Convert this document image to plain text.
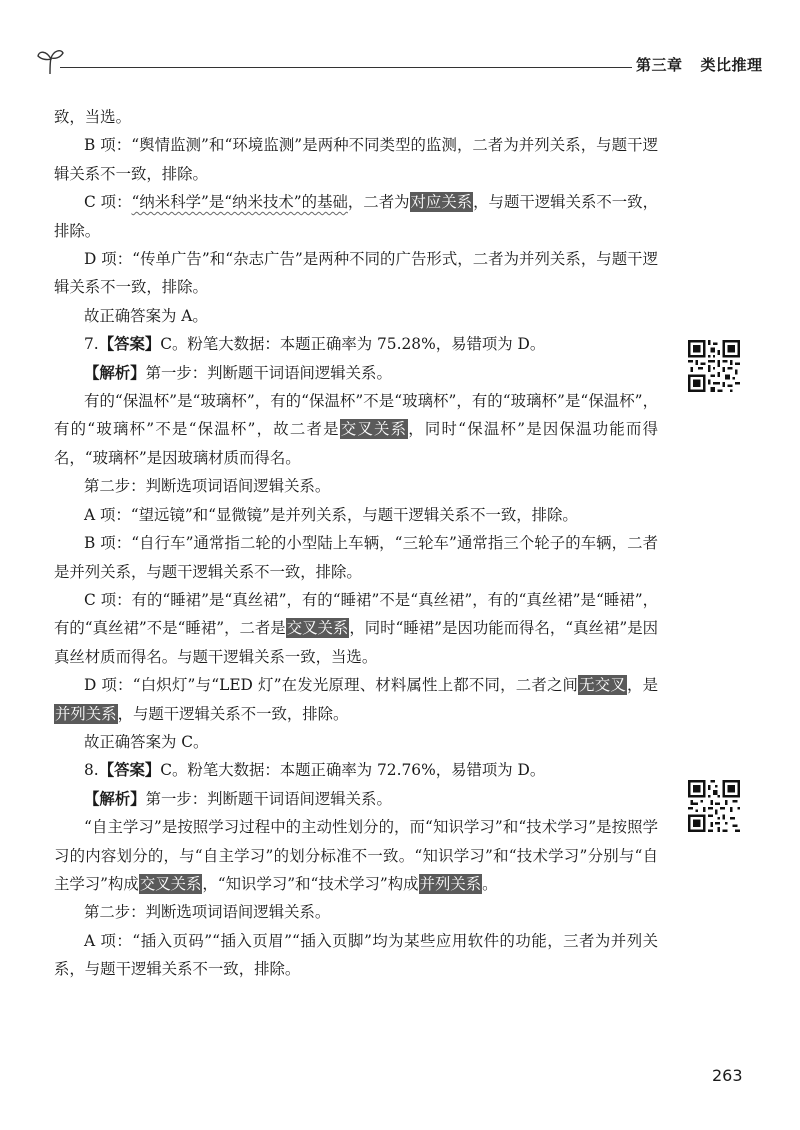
第三章 类比推理

致，当选。

B 项：“舆情监测”和“环境监测”是两种不同类型的监测，二者为并列关系，与题干逻辑关系不一致，排除。

C 项：“纳米科学”是“纳米技术”的基础，二者为对应关系，与题干逻辑关系不一致，排除。

D 项：“传单广告”和“杂志广告”是两种不同的广告形式，二者为并列关系，与题干逻辑关系不一致，排除。

故正确答案为 A。

7.【答案】C。粉笔大数据：本题正确率为 75.28%，易错项为 D。

【解析】第一步：判断题干词语间逻辑关系。

有的“保温杯”是“玻璃杯”，有的“保温杯”不是“玻璃杯”，有的“玻璃杯”是“保温杯”，有的“玻璃杯”不是“保温杯”，故二者是交叉关系，同时“保温杯”是因保温功能而得名，“玻璃杯”是因玻璃材质而得名。

第二步：判断选项词语间逻辑关系。

A 项：“望远镜”和“显微镜”是并列关系，与题干逻辑关系不一致，排除。

B 项：“自行车”通常指二轮的小型陆上车辆，“三轮车”通常指三个轮子的车辆，二者是并列关系，与题干逻辑关系不一致，排除。

C 项：有的“睡裙”是“真丝裙”，有的“睡裙”不是“真丝裙”，有的“真丝裙”是“睡裙”，有的“真丝裙”不是“睡裙”，二者是交叉关系，同时“睡裙”是因功能而得名，“真丝裙”是因真丝材质而得名。与题干逻辑关系一致，当选。

D 项：“白炽灯”与“LED 灯”在发光原理、材料属性上都不同，二者之间无交叉，是并列关系，与题干逻辑关系不一致，排除。

故正确答案为 C。

8.【答案】C。粉笔大数据：本题正确率为 72.76%，易错项为 D。

【解析】第一步：判断题干词语间逻辑关系。

“自主学习”是按照学习过程中的主动性划分的，而“知识学习”和“技术学习”是按照学习的内容划分的，与“自主学习”的划分标准不一致。“知识学习”和“技术学习”分别与“自主学习”构成交叉关系，“知识学习”和“技术学习”构成并列关系。

第二步：判断选项词语间逻辑关系。

A 项：“插入页码”“插入页眉”“插入页脚”均为某些应用软件的功能，三者为并列关系，与题干逻辑关系不一致，排除。

263
